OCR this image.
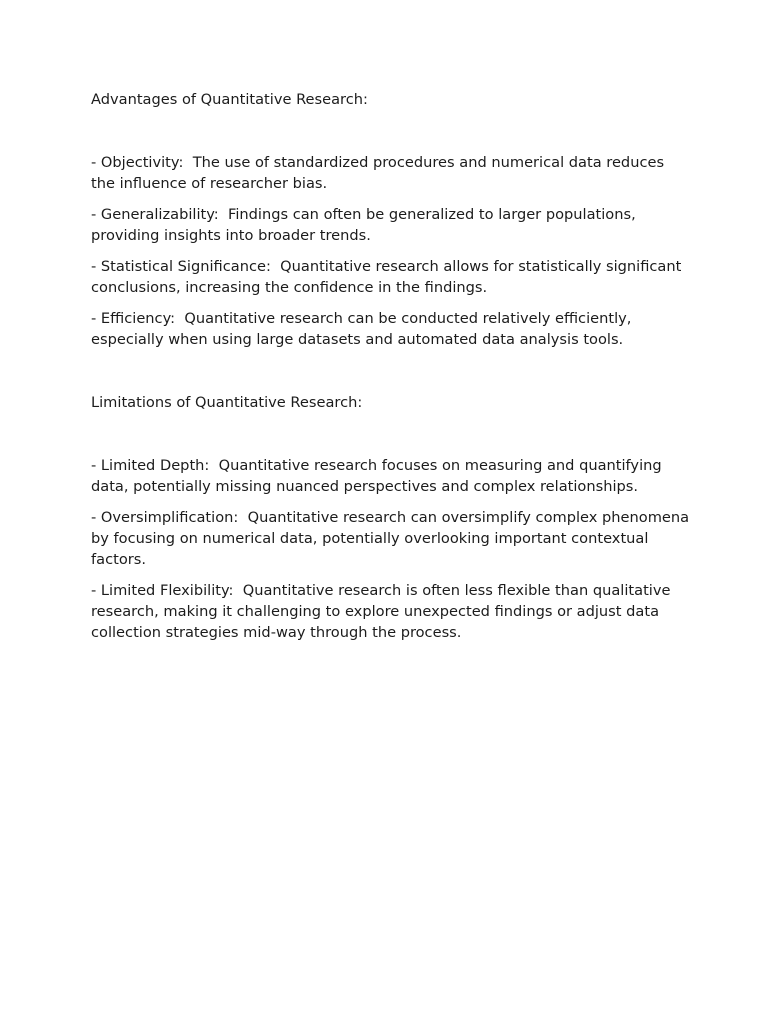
Advantages of Quantitative Research:

- Objectivity: The use of standardized procedures and numerical data reduces the influence of researcher bias.

- Generalizability: Findings can often be generalized to larger populations, providing insights into broader trends.

- Statistical Significance: Quantitative research allows for statistically significant conclusions, increasing the confidence in the findings.

- Efficiency: Quantitative research can be conducted relatively efficiently, especially when using large datasets and automated data analysis tools.

Limitations of Quantitative Research:

- Limited Depth: Quantitative research focuses on measuring and quantifying data, potentially missing nuanced perspectives and complex relationships.

- Oversimplification: Quantitative research can oversimplify complex phenomena by focusing on numerical data, potentially overlooking important contextual factors.

- Limited Flexibility: Quantitative research is often less flexible than qualitative research, making it challenging to explore unexpected findings or adjust data collection strategies mid-way through the process.
